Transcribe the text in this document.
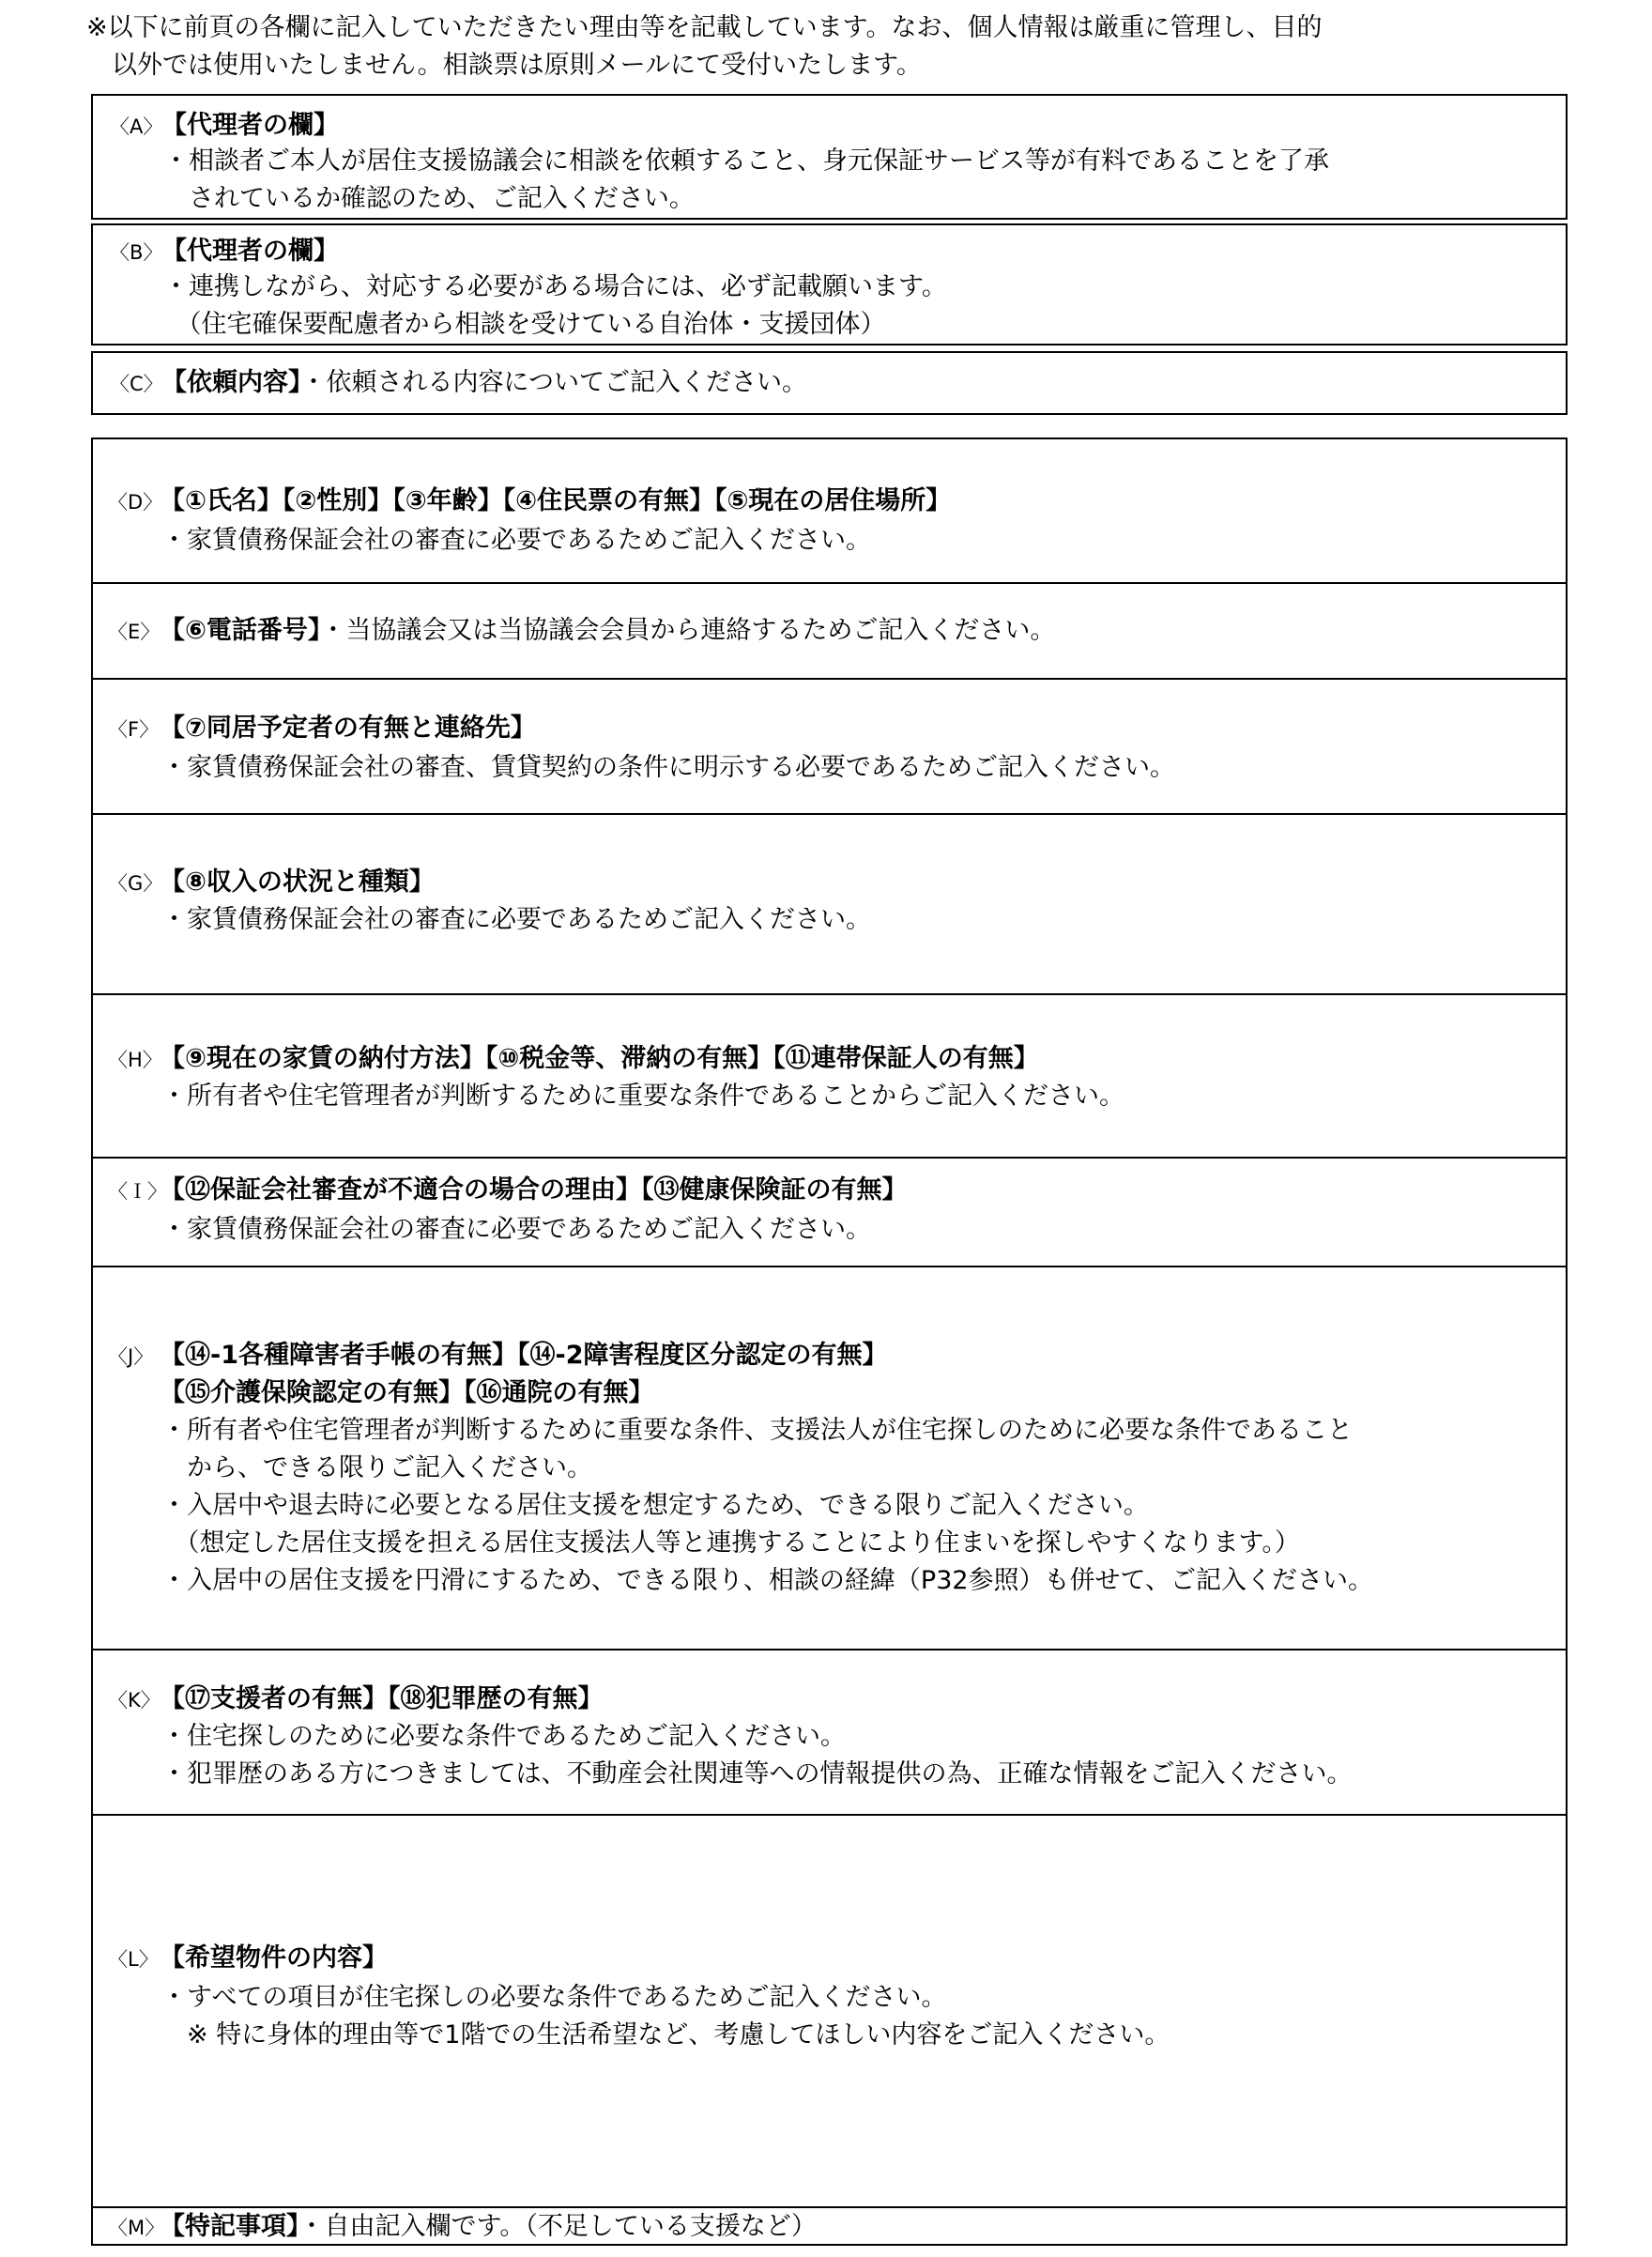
※以下に前頁の各欄に記入していただきたい理由等を記載しています。なお、個人情報は厳重に管理し、目的
　以外では使用いたしません。相談票は原則メールにて受付いたします。
〈A〉【代理者の欄】
・相談者ご本人が居住支援協議会に相談を依頼すること、身元保証サービス等が有料であることを了承
　されているか確認のため、ご記入ください。
〈B〉【代理者の欄】
・連携しながら、対応する必要がある場合には、必ず記載願います。
　（住宅確保要配慮者から相談を受けている自治体・支援団体）
〈C〉【依頼内容】・依頼される内容についてご記入ください。
〈D〉【①氏名】【②性別】【③年齢】【④住民票の有無】【⑤現在の居住場所】
・家賃債務保証会社の審査に必要であるためご記入ください。
〈E〉【⑥電話番号】・当協議会又は当協議会会員から連絡するためご記入ください。
〈F〉【⑦同居予定者の有無と連絡先】
・家賃債務保証会社の審査、賃貸契約の条件に明示する必要であるためご記入ください。
〈G〉【⑧収入の状況と種類】
・家賃債務保証会社の審査に必要であるためご記入ください。
〈H〉【⑨現在の家賃の納付方法】【⑩税金等、滞納の有無】【⑪連帯保証人の有無】
・所有者や住宅管理者が判断するために重要な条件であることからご記入ください。
〈Ｉ〉【⑫保証会社審査が不適合の場合の理由】【⑬健康保険証の有無】
・家賃債務保証会社の審査に必要であるためご記入ください。
〈J〉 【⑭-1各種障害者手帳の有無】【⑭-2障害程度区分認定の有無】
【⑮介護保険認定の有無】【⑯通院の有無】
・所有者や住宅管理者が判断するために重要な条件、支援法人が住宅探しのために必要な条件であること
　から、できる限りご記入ください。
・入居中や退去時に必要となる居住支援を想定するため、できる限りご記入ください。
　（想定した居住支援を担える居住支援法人等と連携することにより住まいを探しやすくなります。）
・入居中の居住支援を円滑にするため、できる限り、相談の経緯（P32参照）も併せて、ご記入ください。
〈K〉【⑰支援者の有無】【⑱犯罪歴の有無】
・住宅探しのために必要な条件であるためご記入ください。
・犯罪歴のある方につきましては、不動産会社関連等への情報提供の為、正確な情報をご記入ください。
〈L〉【希望物件の内容】
・すべての項目が住宅探しの必要な条件であるためご記入ください。
　※ 特に身体的理由等で1階での生活希望など、考慮してほしい内容をご記入ください。
〈M〉【特記事項】・自由記入欄です。（不足している支援など）
